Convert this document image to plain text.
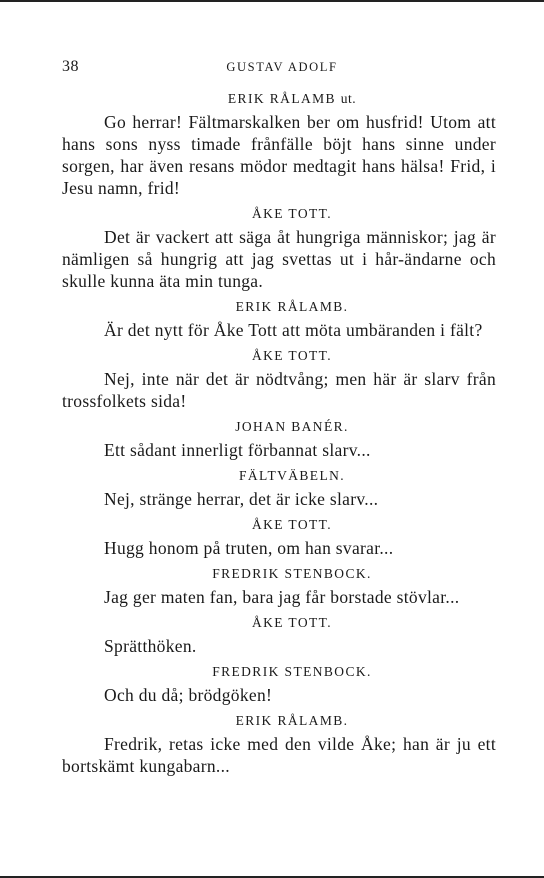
38	GUSTAV ADOLF
ERIK RÅLAMB ut.

Go herrar! Fältmarskalken ber om husfrid! Utom att hans sons nyss timade frånfälle böjt hans sinne under sorgen, har även resans mödor medtagit hans hälsa! Frid, i Jesu namn, frid!

ÅKE TOTT.

Det är vackert att säga åt hungriga människor; jag är nämligen så hungrig att jag svettas ut i hår-ändarne och skulle kunna äta min tunga.

ERIK RÅLAMB.

Är det nytt för Åke Tott att möta umbäranden i fält?

ÅKE TOTT.

Nej, inte när det är nödtvång; men här är slarv från trossfolkets sida!

JOHAN BANÉR.

Ett sådant innerligt förbannat slarv...

FÄLTVÄBELN.

Nej, stränge herrar, det är icke slarv...

ÅKE TOTT.

Hugg honom på truten, om han svarar...

FREDRIK STENBOCK.

Jag ger maten fan, bara jag får borstade stövlar...

ÅKE TOTT.

Sprätthöken.

FREDRIK STENBOCK.

Och du då; brödgöken!

ERIK RÅLAMB.

Fredrik, retas icke med den vilde Åke; han är ju ett bortskämt kungabarn...
